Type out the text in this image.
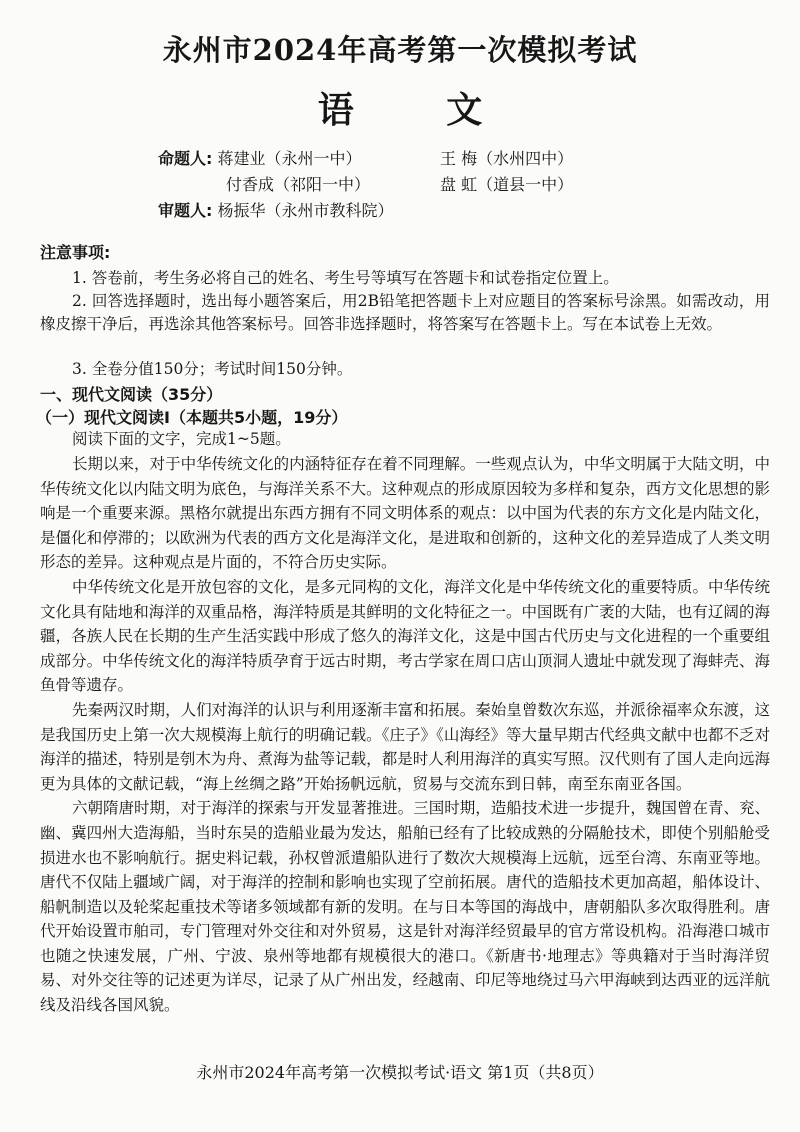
永州市2024年高考第一次模拟考试
语 文
命题人: 蒋建业（永州一中）	王 梅（水州四中）
付香成（祁阳一中）	盘 虹（道县一中）
审题人: 杨振华（永州市教科院）
注意事项:

1. 答卷前，考生务必将自己的姓名、考生号等填写在答题卡和试卷指定位置上。

2. 回答选择题时，选出每小题答案后，用2B铅笔把答题卡上对应题目的答案标号涂黑。如需改动，用橡皮擦干净后，再选涂其他答案标号。回答非选择题时，将答案写在答题卡上。写在本试卷上无效。

3. 全卷分值150分；考试时间150分钟。

一、现代文阅读（35分）

（一）现代文阅读Ⅰ（本题共5小题，19分）

阅读下面的文字，完成1~5题。

长期以来，对于中华传统文化的内涵特征存在着不同理解。一些观点认为，中华文明属于大陆文明，中华传统文化以内陆文明为底色，与海洋关系不大。这种观点的形成原因较为多样和复杂，西方文化思想的影响是一个重要来源。黑格尔就提出东西方拥有不同文明体系的观点：以中国为代表的东方文化是内陆文化，是僵化和停滞的；以欧洲为代表的西方文化是海洋文化，是进取和创新的，这种文化的差异造成了人类文明形态的差异。这种观点是片面的，不符合历史实际。

中华传统文化是开放包容的文化，是多元同构的文化，海洋文化是中华传统文化的重要特质。中华传统文化具有陆地和海洋的双重品格，海洋特质是其鲜明的文化特征之一。中国既有广袤的大陆，也有辽阔的海疆，各族人民在长期的生产生活实践中形成了悠久的海洋文化，这是中国古代历史与文化进程的一个重要组成部分。中华传统文化的海洋特质孕育于远古时期，考古学家在周口店山顶洞人遗址中就发现了海蚌壳、海鱼骨等遗存。

先秦两汉时期，人们对海洋的认识与利用逐渐丰富和拓展。秦始皇曾数次东巡，并派徐福率众东渡，这是我国历史上第一次大规模海上航行的明确记载。《庄子》《山海经》等大量早期古代经典文献中也都不乏对海洋的描述，特别是刳木为舟、煮海为盐等记载，都是时人利用海洋的真实写照。汉代则有了国人走向远海更为具体的文献记载，“海上丝绸之路”开始扬帆远航，贸易与交流东到日韩，南至东南亚各国。

六朝隋唐时期，对于海洋的探索与开发显著推进。三国时期，造船技术进一步提升，魏国曾在青、兖、幽、冀四州大造海船，当时东吴的造船业最为发达，船舶已经有了比较成熟的分隔舱技术，即使个别船舱受损进水也不影响航行。据史料记载，孙权曾派遣船队进行了数次大规模海上远航，远至台湾、东南亚等地。唐代不仅陆上疆域广阔，对于海洋的控制和影响也实现了空前拓展。唐代的造船技术更加高超，船体设计、船帆制造以及轮桨起重技术等诸多领域都有新的发明。在与日本等国的海战中，唐朝船队多次取得胜利。唐代开始设置市舶司，专门管理对外交往和对外贸易，这是针对海洋经贸最早的官方常设机构。沿海港口城市也随之快速发展，广州、宁波、泉州等地都有规模很大的港口。《新唐书·地理志》等典籍对于当时海洋贸易、对外交往等的记述更为详尽，记录了从广州出发，经越南、印尼等地绕过马六甲海峡到达西亚的远洋航线及沿线各国风貌。

永州市2024年高考第一次模拟考试·语文 第1页（共8页）
